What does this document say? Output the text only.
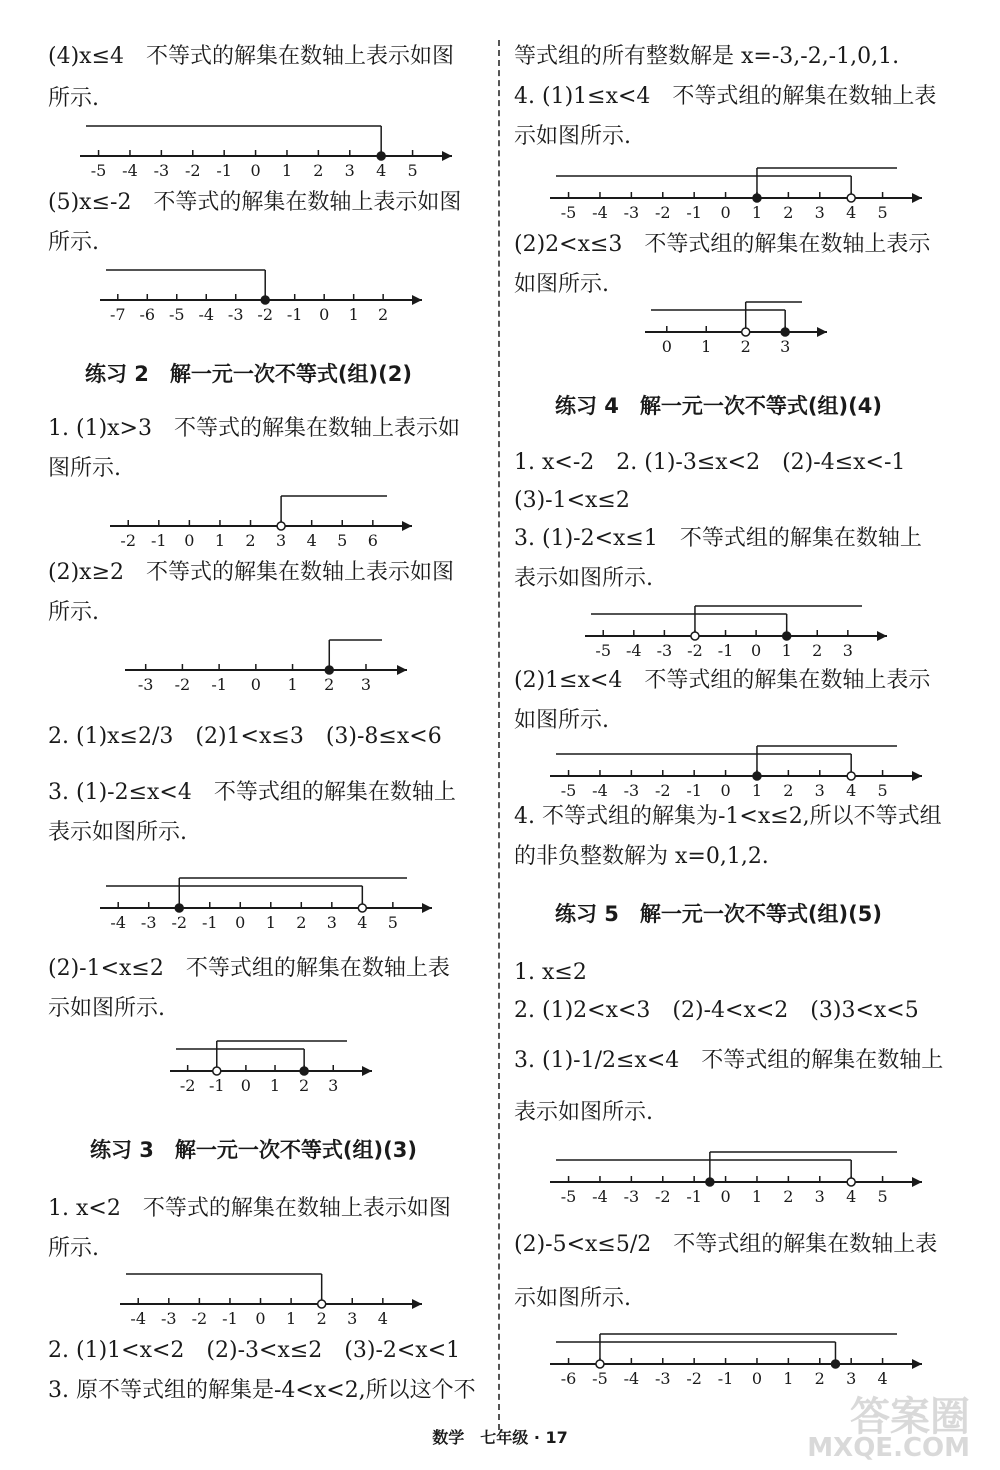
(4)x≤4　不等式的解集在数轴上表示如图
所示.
-5 -4 -3 -2 -1 0 1 2 3 4 5
(5)x≤-2　不等式的解集在数轴上表示如图
所示.
-7 -6 -5 -4 -3 -2 -1 0 1 2
练习 2　解一元一次不等式(组)(2)
1. (1)x>3　不等式的解集在数轴上表示如
图所示.
-2 -1 0 1 2 3 4 5 6
(2)x≥2　不等式的解集在数轴上表示如图
所示.
-3 -2 -1 0 1 2 3
2. (1)x≤2/3　(2)1<x≤3　(3)-8≤x<6
3. (1)-2≤x<4　不等式组的解集在数轴上
表示如图所示.
-4 -3 -2 -1 0 1 2 3 4 5
(2)-1<x≤2　不等式组的解集在数轴上表
示如图所示.
-2 -1 0 1 2 3
练习 3　解一元一次不等式(组)(3)
1. x<2　不等式的解集在数轴上表示如图
所示.
-4 -3 -2 -1 0 1 2 3 4
2. (1)1<x<2　(2)-3<x≤2　(3)-2<x<1
3. 原不等式组的解集是-4<x<2,所以这个不
等式组的所有整数解是 x=-3,-2,-1,0,1.
4. (1)1≤x<4　不等式组的解集在数轴上表
示如图所示.
-5 -4 -3 -2 -1 0 1 2 3 4 5
(2)2<x≤3　不等式组的解集在数轴上表示
如图所示.
0 1 2 3
练习 4　解一元一次不等式(组)(4)
1. x<-2　2. (1)-3≤x<2　(2)-4≤x<-1
(3)-1<x≤2
3. (1)-2<x≤1　不等式组的解集在数轴上
表示如图所示.
-5 -4 -3 -2 -1 0 1 2 3
(2)1≤x<4　不等式组的解集在数轴上表示
如图所示.
-5 -4 -3 -2 -1 0 1 2 3 4 5
4. 不等式组的解集为-1<x≤2,所以不等式组
的非负整数解为 x=0,1,2.
练习 5　解一元一次不等式(组)(5)
1. x≤2
2. (1)2<x<3　(2)-4<x<2　(3)3<x<5
3. (1)-1/2≤x<4　不等式组的解集在数轴上
表示如图所示.
-5 -4 -3 -2 -1 0 1 2 3 4 5
(2)-5<x≤5/2　不等式组的解集在数轴上表
示如图所示.
-6 -5 -4 -3 -2 -1 0 1 2 3 4
数学　七年级 · 17	答案圈
MXQE.COM
